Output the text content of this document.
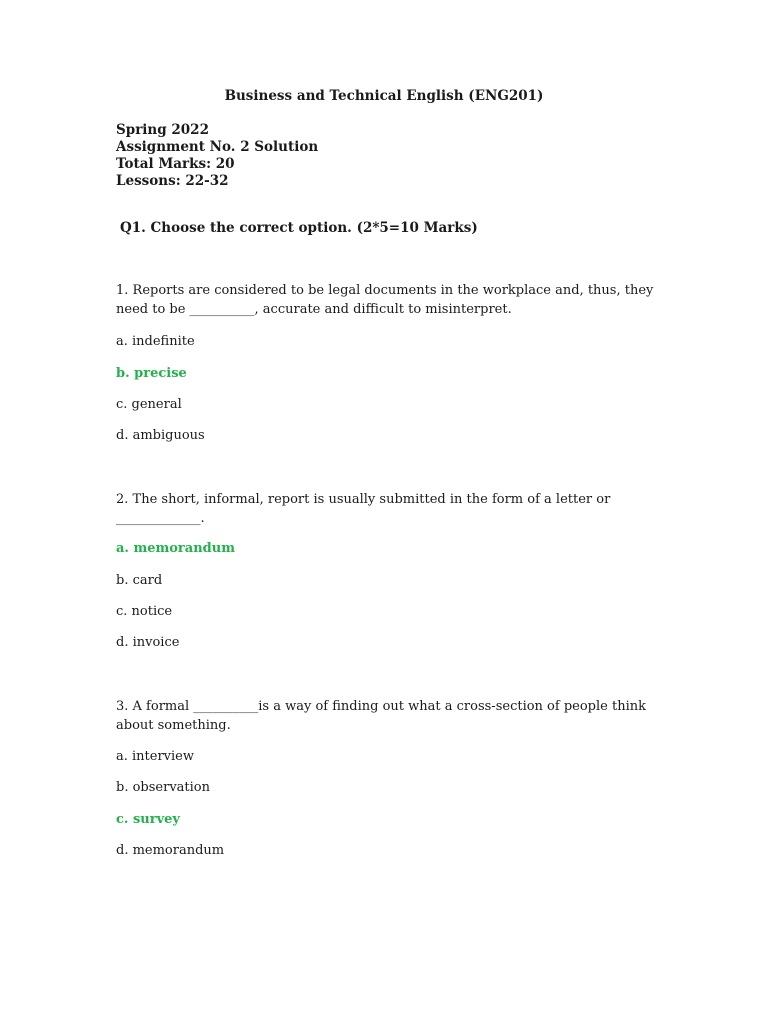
Business and Technical English (ENG201)
Spring 2022
Assignment No. 2 Solution
Total Marks: 20
Lessons: 22-32

Q1. Choose the correct option. (2*5=10 Marks)

1. Reports are considered to be legal documents in the workplace and, thus, they need to be __________, accurate and difficult to misinterpret.

a. indefinite

b. precise

c. general

d. ambiguous

2. The short, informal, report is usually submitted in the form of a letter or _____________.

a. memorandum

b. card

c. notice

d. invoice

3. A formal __________is a way of finding out what a cross-section of people think about something.

a. interview

b. observation

c. survey

d. memorandum
